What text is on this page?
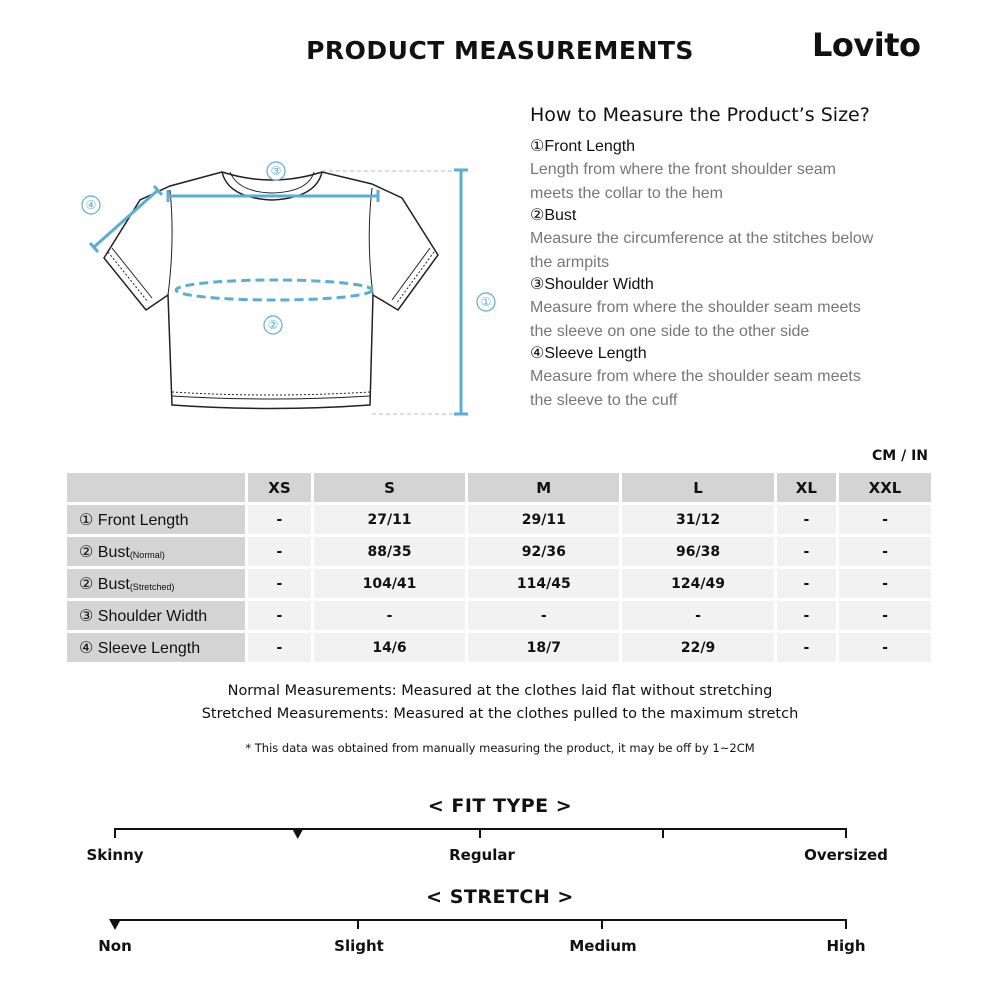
PRODUCT MEASUREMENTS	Lovito
①
②
③
④
How to Measure the Product’s Size?
①Front Length
Length from where the front shoulder seam
meets the collar to the hem
②Bust
Measure the circumference at the stitches below
the armpits
③Shoulder Width
Measure from where the shoulder seam meets
the sleeve on one side to the other side
④Sleeve Length
Measure from where the shoulder seam meets
the sleeve to the cuff
CM / IN
	XS	S	M	L	XL	XXL
① Front Length	-	27/11	29/11	31/12	-	-
② Bust$_{(Normal)}$	-	88/35	92/36	96/38	-	-
② Bust$_{(Stretched)}$	-	104/41	114/45	124/49	-	-
③ Shoulder Width	-	-	-	-	-	-
④ Sleeve Length	-	14/6	18/7	22/9	-	-
Normal Measurements: Measured at the clothes laid flat without stretching
Stretched Measurements: Measured at the clothes pulled to the maximum stretch
* This data was obtained from manually measuring the product, it may be off by 1~2CM
< FIT TYPE >
Skinny	Regular	Oversized
< STRETCH >
Non	Slight	Medium	High
